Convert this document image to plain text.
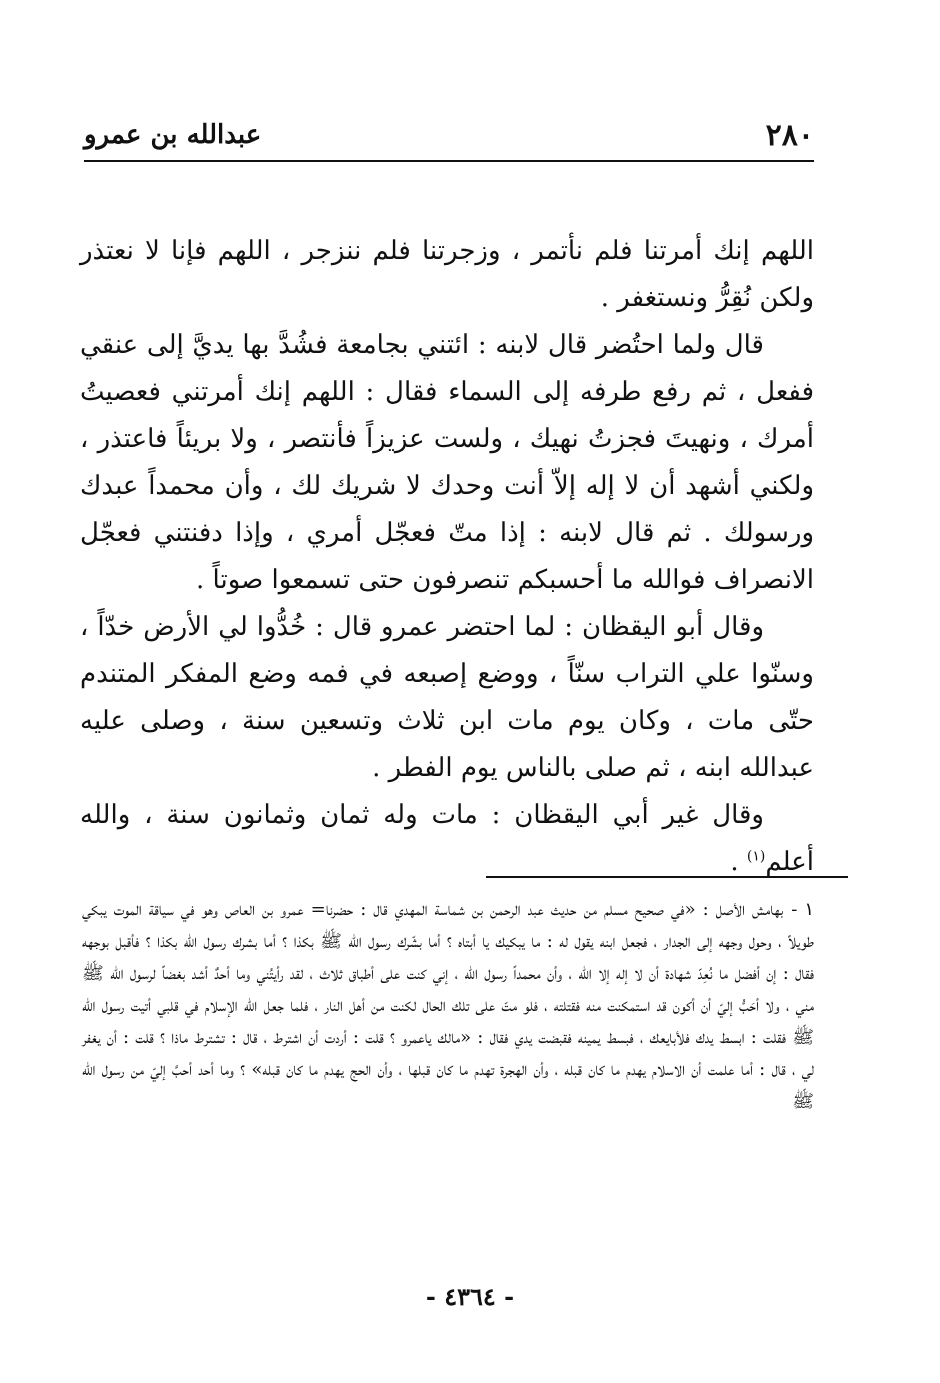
٢٨٠
عبدالله بن عمرو

اللهم إنك أمرتنا فلم نأتمر ، وزجرتنا فلم ننزجر ، اللهم فإنا لا نعتذر ولكن نُقِرُّ ونستغفر .

قال ولما احتُضر قال لابنه : ائتني بجامعة فشُدَّ بها يديَّ إلى عنقي ففعل ، ثم رفع طرفه إلى السماء فقال : اللهم إنك أمرتني فعصيتُ أمرك ، ونهيتَ فجزتُ نهيك ، ولست عزيزاً فأنتصر ، ولا بريئاً فاعتذر ، ولكني أشهد أن لا إله إلاّ أنت وحدك لا شريك لك ، وأن محمداً عبدك ورسولك . ثم قال لابنه : إذا متّ فعجّل أمري ، وإذا دفنتني فعجّل الانصراف فوالله ما أحسبكم تنصرفون حتى تسمعوا صوتاً .

وقال أبو اليقظان : لما احتضر عمرو قال : خُدُّوا لي الأرض خدّاً ، وسنّوا علي التراب سنّاً ، ووضع إصبعه في فمه وضع المفكر المتندم حتّى مات ، وكان يوم مات ابن ثلاث وتسعين سنة ، وصلى عليه عبدالله ابنه ، ثم صلى بالناس يوم الفطر .

وقال غير أبي اليقظان : مات وله ثمان وثمانون سنة ، والله أعلم$^{(١)}$ .

١ -بهامش الأصل : «في صحيح مسلم من حديث عبد الرحمن بن شماسة المهدي قال : حضرنا= عمرو بن العاص وهو في سياقة الموت يبكي طويلاً ، وحول وجهه إلى الجدار ، فجعل ابنه يقول له : ما يبكيك يا أبتاه ؟ أما بشّرك رسول الله ﷺ بكذا ؟ أما بشرك رسول الله بكذا ؟ فأقبل بوجهه فقال : إن أفضل ما نُعِدّ شهادة أن لا إله إلا الله ، وأن محمداً رسول الله ، إني كنت على أطباق ثلاث ، لقد رأيتُني وما أحدٌ أشد بغضاً لرسول الله ﷺ مني ، ولا أحَبُّ إليّ أن أكون قد استمكنت منه فقتلته ، فلو متّ على تلك الحال لكنت من أهل النار ، فلما جعل الله الإسلام في قلبي أتيت رسول الله ﷺ فقلت : ابسط يدك فلأبايعك ، فبسط يمينه فقبضت يدي فقال : «مالك ياعمرو ؟ قلت : أردت أن اشترط ، قال : تشترط ماذا ؟ قلت : أن يغفر لي ، قال : أما علمت أن الاسلام يهدم ما كان قبله ، وأن الهجرة تهدم ما كان قبلها ، وأن الحج يهدم ما كان قبله» ؟ وما أحد أحبَّ إليّ من رسول الله ﷺ

- ٤٣٦٤ -
